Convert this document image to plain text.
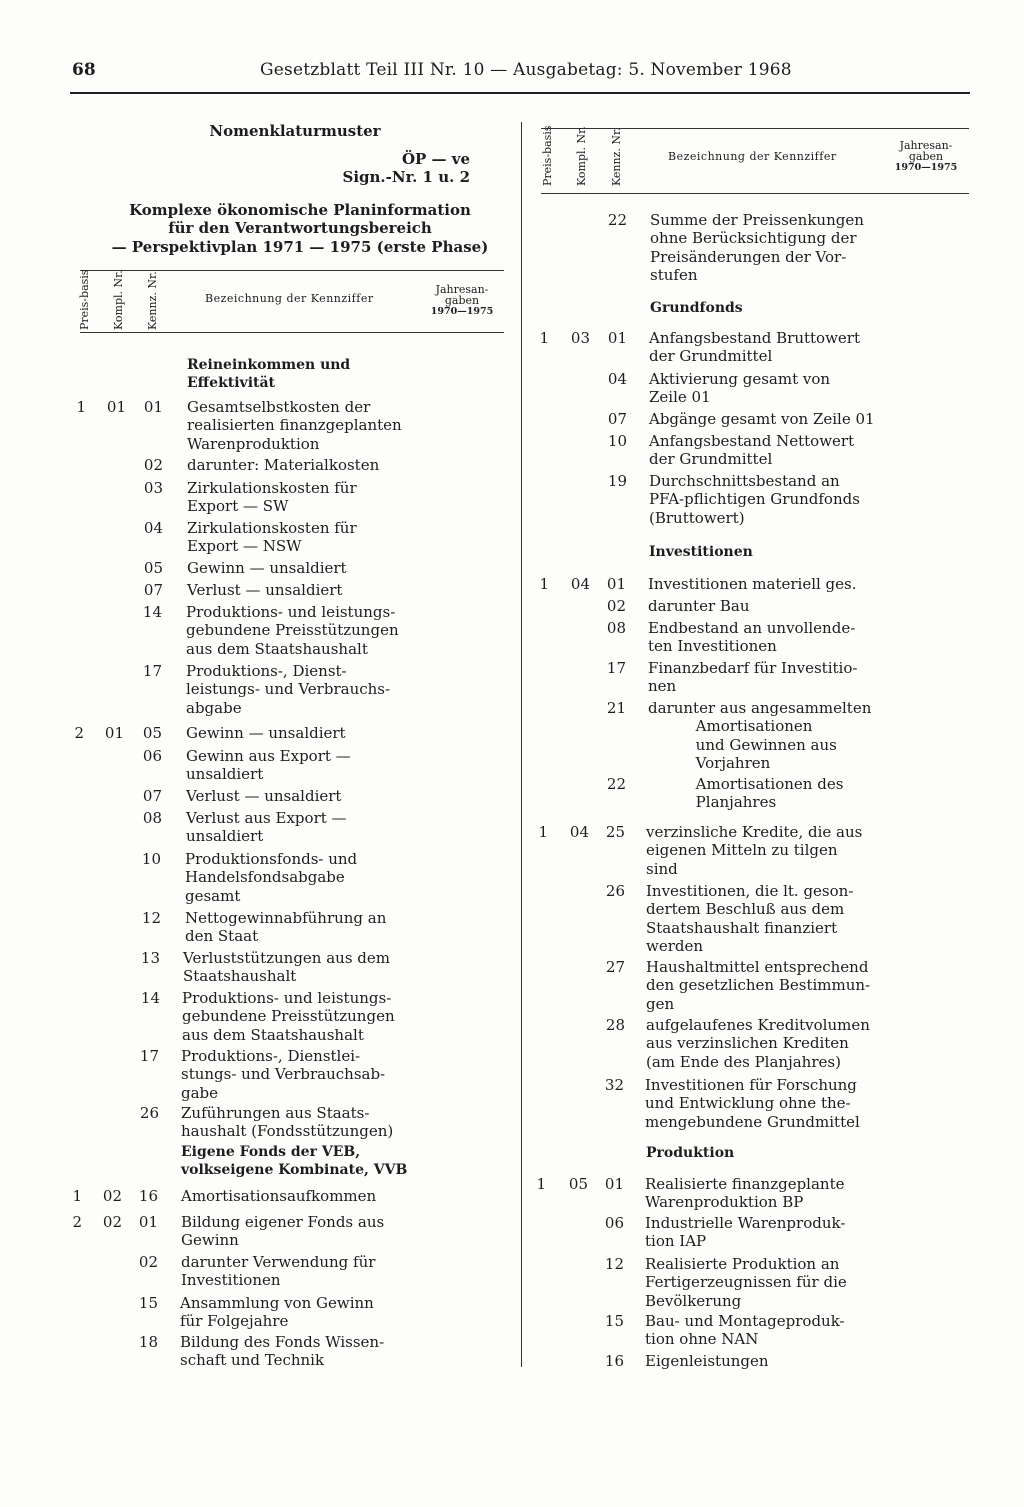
68	Gesetzblatt Teil III Nr. 10 — Ausgabetag: 5. November 1968
Nomenklaturmuster
ÖP — ve
Sign.-Nr. 1 u. 2
Komplexe ökonomische Planinformation
für den Verantwortungsbereich
— Perspektivplan 1971 — 1975 (erste Phase)
Preis-basis Kompl. Nr. Kennz. Nr.	Bezeichnung der Kennziffer
Jahresan-
gaben
1970—1975
Preis-basis Kompl. Nr. Kennz. Nr.	Bezeichnung der Kennziffer
Jahresan-
gaben
1970—1975
Reineinkommen und
Effektivität
1 01 01 Gesamtselbstkosten der
realisierten finanzgeplanten
Warenproduktion
02 darunter: Materialkosten
03 Zirkulationskosten für
Export — SW
04 Zirkulationskosten für
Export — NSW
05 Gewinn — unsaldiert
07 Verlust — unsaldiert
14 Produktions- und leistungs-
gebundene Preisstützungen
aus dem Staatshaushalt
17 Produktions-, Dienst-
leistungs- und Verbrauchs-
abgabe
2 01 05 Gewinn — unsaldiert
06 Gewinn aus Export —
unsaldiert
07 Verlust — unsaldiert
08 Verlust aus Export —
unsaldiert
10 Produktionsfonds- und
Handelsfondsabgabe
gesamt
12 Nettogewinnabführung an
den Staat
13 Verluststützungen aus dem
Staatshaushalt
14 Produktions- und leistungs-
gebundene Preisstützungen
aus dem Staatshaushalt
17 Produktions-, Dienstlei-
stungs- und Verbrauchsab-
gabe
26 Zuführungen aus Staats-
haushalt (Fondsstützungen)
Eigene Fonds der VEB,
volkseigene Kombinate, VVB
1 02 16 Amortisationsaufkommen
2 02 01 Bildung eigener Fonds aus
Gewinn
02 darunter Verwendung für
Investitionen
15 Ansammlung von Gewinn
für Folgejahre
18 Bildung des Fonds Wissen-
schaft und Technik
22 Summe der Preissenkungen
ohne Berücksichtigung der
Preisänderungen der Vor-
stufen
Grundfonds
1 03 01 Anfangsbestand Bruttowert
der Grundmittel
04 Aktivierung gesamt von
Zeile 01
07 Abgänge gesamt von Zeile 01
10 Anfangsbestand Nettowert
der Grundmittel
19 Durchschnittsbestand an
PFA-pflichtigen Grundfonds
(Bruttowert)
Investitionen
1 04 01 Investitionen materiell ges.
02 darunter Bau
08 Endbestand an unvollende-
ten Investitionen
17 Finanzbedarf für Investitio-
nen
21 darunter aus angesammelten
Amortisationen
und Gewinnen aus
Vorjahren
22 Amortisationen des
Planjahres
1 04 25 verzinsliche Kredite, die aus
eigenen Mitteln zu tilgen
sind
26 Investitionen, die lt. geson-
dertem Beschluß aus dem
Staatshaushalt finanziert
werden
27 Haushaltmittel entsprechend
den gesetzlichen Bestimmun-
gen
28 aufgelaufenes Kreditvolumen
aus verzinslichen Krediten
(am Ende des Planjahres)
32 Investitionen für Forschung
und Entwicklung ohne the-
mengebundene Grundmittel
Produktion
1 05 01 Realisierte finanzgeplante
Warenproduktion BP
06 Industrielle Warenproduk-
tion IAP
12 Realisierte Produktion an
Fertigerzeugnissen für die
Bevölkerung
15 Bau- und Montageproduk-
tion ohne NAN
16 Eigenleistungen
